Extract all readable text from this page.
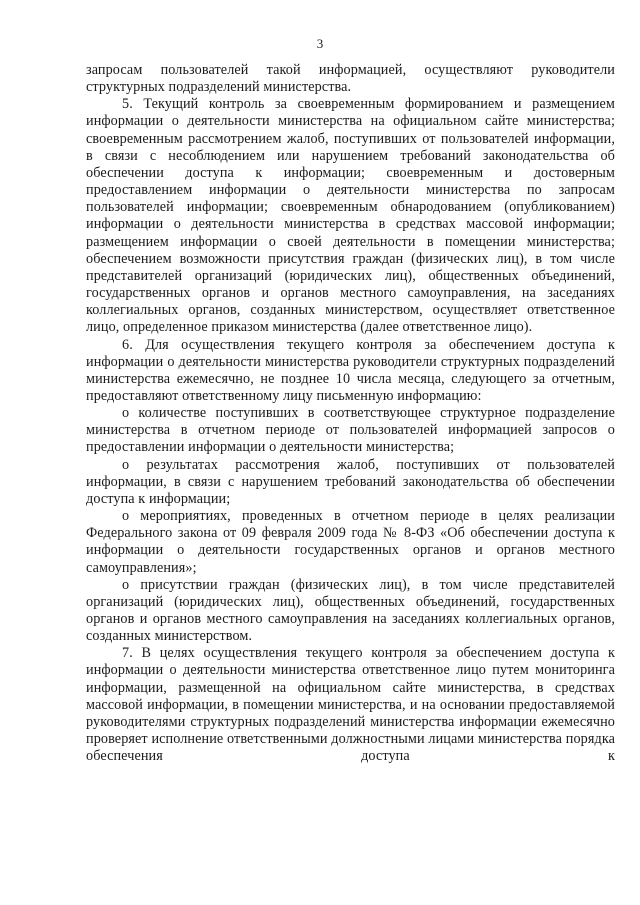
3

запросам пользователей такой информацией, осуществляют руководители структурных подразделений министерства.

5. Текущий контроль за своевременным формированием и размещением информации о деятельности министерства на официальном сайте министерства; своевременным рассмотрением жалоб, поступивших от пользователей информации, в связи с несоблюдением или нарушением требований законодательства об обеспечении доступа к информации; своевременным и достоверным предоставлением информации о деятельности министерства по запросам пользователей информации; своевременным обнародованием (опубликованием) информации о деятельности министерства в средствах массовой информации; размещением информации о своей деятельности в помещении министерства; обеспечением возможности присутствия граждан (физических лиц), в том числе представителей организаций (юридических лиц), общественных объединений, государственных органов и органов местного самоуправления, на заседаниях коллегиальных органов, созданных министерством, осуществляет ответственное лицо, определенное приказом министерства (далее ответственное лицо).

6. Для осуществления текущего контроля за обеспечением доступа к информации о деятельности министерства руководители структурных подразделений министерства ежемесячно, не позднее 10 числа месяца, следующего за отчетным, предоставляют ответственному лицу письменную информацию:

о количестве поступивших в соответствующее структурное подразделение министерства в отчетном периоде от пользователей информацией запросов о предоставлении информации о деятельности министерства;

о результатах рассмотрения жалоб, поступивших от пользователей информации, в связи с нарушением требований законодательства об обеспечении доступа к информации;

о мероприятиях, проведенных в отчетном периоде в целях реализации Федерального закона от 09 февраля 2009 года № 8-ФЗ «Об обеспечении доступа к информации о деятельности государственных органов и органов местного самоуправления»;

о присутствии граждан (физических лиц), в том числе представителей организаций (юридических лиц), общественных объединений, государственных органов и органов местного самоуправления на заседаниях коллегиальных органов, созданных министерством.

7. В целях осуществления текущего контроля за обеспечением доступа к информации о деятельности министерства ответственное лицо путем мониторинга информации, размещенной на официальном сайте министерства, в средствах массовой информации, в помещении министерства, и на основании предоставляемой руководителями структурных подразделений министерства информации ежемесячно проверяет исполнение ответственными должностными лицами министерства порядка обеспечения доступа к
